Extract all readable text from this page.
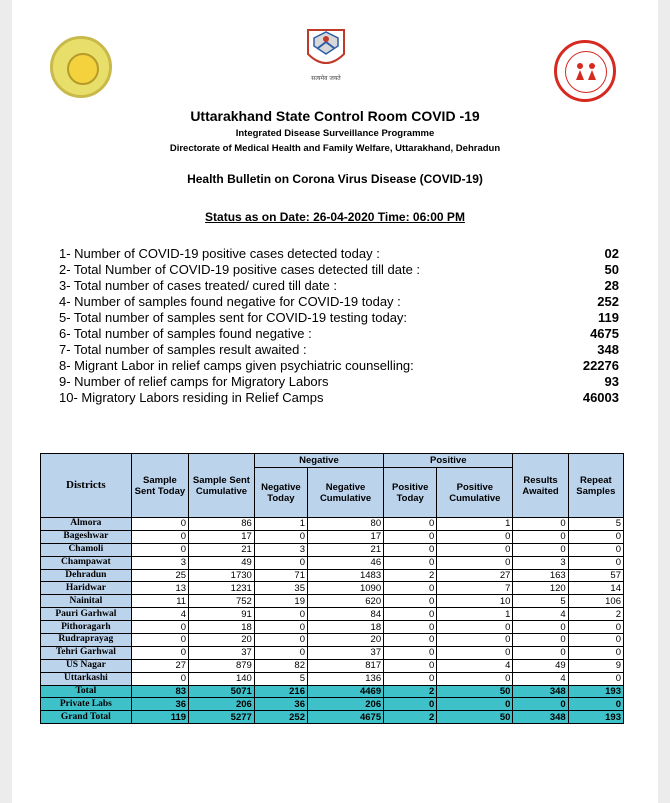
सत्यमेव जयते
Uttarakhand State Control Room COVID -19
Integrated Disease Surveillance Programme
Directorate of Medical Health and Family Welfare, Uttarakhand, Dehradun
Health Bulletin on Corona Virus Disease (COVID-19)
Status as on Date: 26-04-2020 Time: 06:00 PM
1- Number of COVID-19 positive cases detected today :	02
2- Total Number of COVID-19 positive cases detected till date :	50
3- Total number of cases treated/ cured till date :	28
4- Number of samples found negative for COVID-19 today :	252
5- Total number of samples sent for COVID-19 testing today:	119
6- Total number of samples found negative :	4675
7- Total number of samples result awaited :	348
8- Migrant Labor in relief camps given psychiatric counselling:	22276
9- Number of relief camps for Migratory Labors	93
10- Migratory Labors residing in Relief Camps	46003
Districts	Sample Sent Today	Sample Sent Cumulative	Negative		Positive		Results Awaited	Repeat Samples
			Negative Today	Negative Cumulative	Positive Today	Positive Cumulative		
Almora	0	86	1	80	0	1	0	5
Bageshwar	0	17	0	17	0	0	0	0
Chamoli	0	21	3	21	0	0	0	0
Champawat	3	49	0	46	0	0	3	0
Dehradun	25	1730	71	1483	2	27	163	57
Haridwar	13	1231	35	1090	0	7	120	14
Nainital	11	752	19	620	0	10	5	106
Pauri Garhwal	4	91	0	84	0	1	4	2
Pithoragarh	0	18	0	18	0	0	0	0
Rudraprayag	0	20	0	20	0	0	0	0
Tehri Garhwal	0	37	0	37	0	0	0	0
US Nagar	27	879	82	817	0	4	49	9
Uttarkashi	0	140	5	136	0	0	4	0
Total	83	5071	216	4469	2	50	348	193
Private Labs	36	206	36	206	0	0	0	0
Grand Total	119	5277	252	4675	2	50	348	193
